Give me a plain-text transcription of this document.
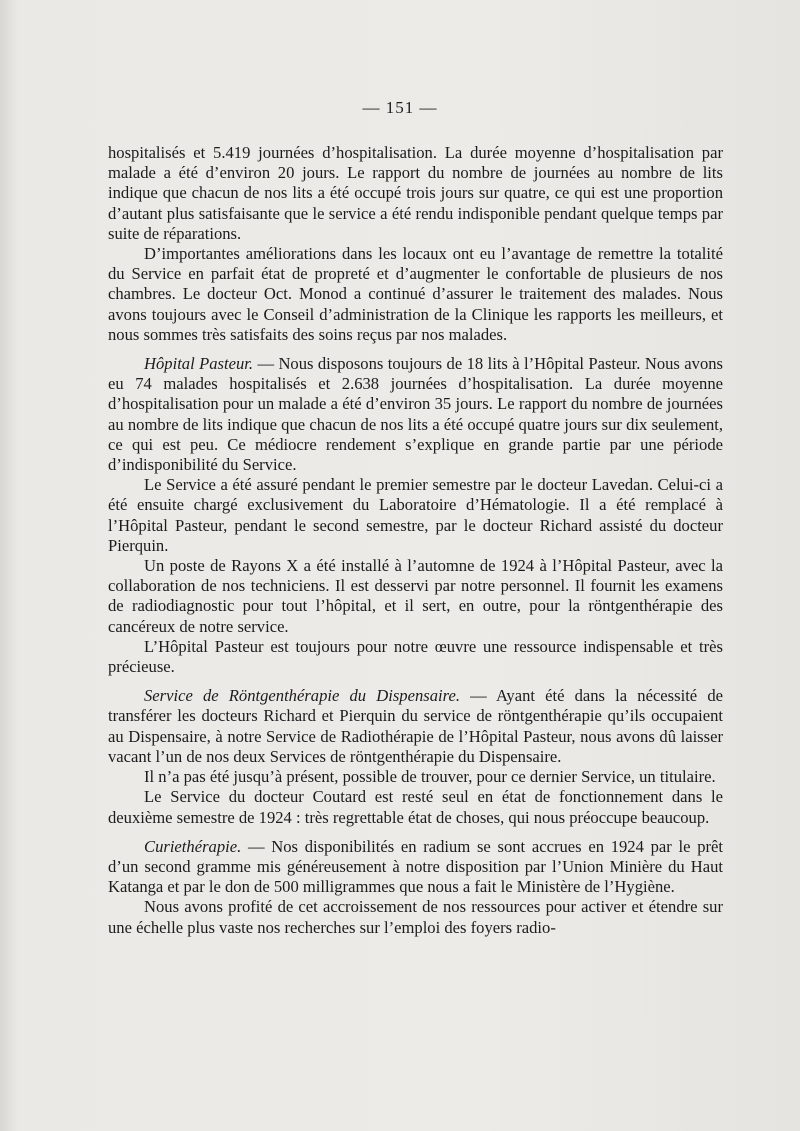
— 151 —

hospitalisés et 5.419 journées d’hospitalisation. La durée moyenne d’hospitalisation par malade a été d’environ 20 jours. Le rapport du nombre de journées au nombre de lits indique que chacun de nos lits a été occupé trois jours sur quatre, ce qui est une proportion d’autant plus satisfaisante que le service a été rendu indisponible pendant quelque temps par suite de réparations.

D’importantes améliorations dans les locaux ont eu l’avantage de remettre la totalité du Service en parfait état de propreté et d’augmenter le confortable de plusieurs de nos chambres. Le docteur Oct. Monod a continué d’assurer le traitement des malades. Nous avons toujours avec le Conseil d’administration de la Clinique les rapports les meilleurs, et nous sommes très satisfaits des soins reçus par nos malades.

Hôpital Pasteur. — Nous disposons toujours de 18 lits à l’Hôpital Pasteur. Nous avons eu 74 malades hospitalisés et 2.638 journées d’hospitalisation. La durée moyenne d’hospitalisation pour un malade a été d’environ 35 jours. Le rapport du nombre de journées au nombre de lits indique que chacun de nos lits a été occupé quatre jours sur dix seulement, ce qui est peu. Ce médiocre rendement s’explique en grande partie par une période d’indisponibilité du Service.

Le Service a été assuré pendant le premier semestre par le docteur Lavedan. Celui-ci a été ensuite chargé exclusivement du Laboratoire d’Hématologie. Il a été remplacé à l’Hôpital Pasteur, pendant le second semestre, par le docteur Richard assisté du docteur Pierquin.

Un poste de Rayons X a été installé à l’automne de 1924 à l’Hôpital Pasteur, avec la collaboration de nos techniciens. Il est desservi par notre personnel. Il fournit les examens de radiodiagnostic pour tout l’hôpital, et il sert, en outre, pour la röntgenthérapie des cancéreux de notre service.

L’Hôpital Pasteur est toujours pour notre œuvre une ressource indispensable et très précieuse.

Service de Röntgenthérapie du Dispensaire. — Ayant été dans la nécessité de transférer les docteurs Richard et Pierquin du service de röntgenthérapie qu’ils occupaient au Dispensaire, à notre Service de Radiothérapie de l’Hôpital Pasteur, nous avons dû laisser vacant l’un de nos deux Services de röntgenthérapie du Dispensaire.

Il n’a pas été jusqu’à présent, possible de trouver, pour ce dernier Service, un titulaire.

Le Service du docteur Coutard est resté seul en état de fonctionnement dans le deuxième semestre de 1924 : très regrettable état de choses, qui nous préoccupe beaucoup.

Curiethérapie. — Nos disponibilités en radium se sont accrues en 1924 par le prêt d’un second gramme mis généreusement à notre disposition par l’Union Minière du Haut Katanga et par le don de 500 milligrammes que nous a fait le Ministère de l’Hygiène.

Nous avons profité de cet accroissement de nos ressources pour activer et étendre sur une échelle plus vaste nos recherches sur l’emploi des foyers radio-
